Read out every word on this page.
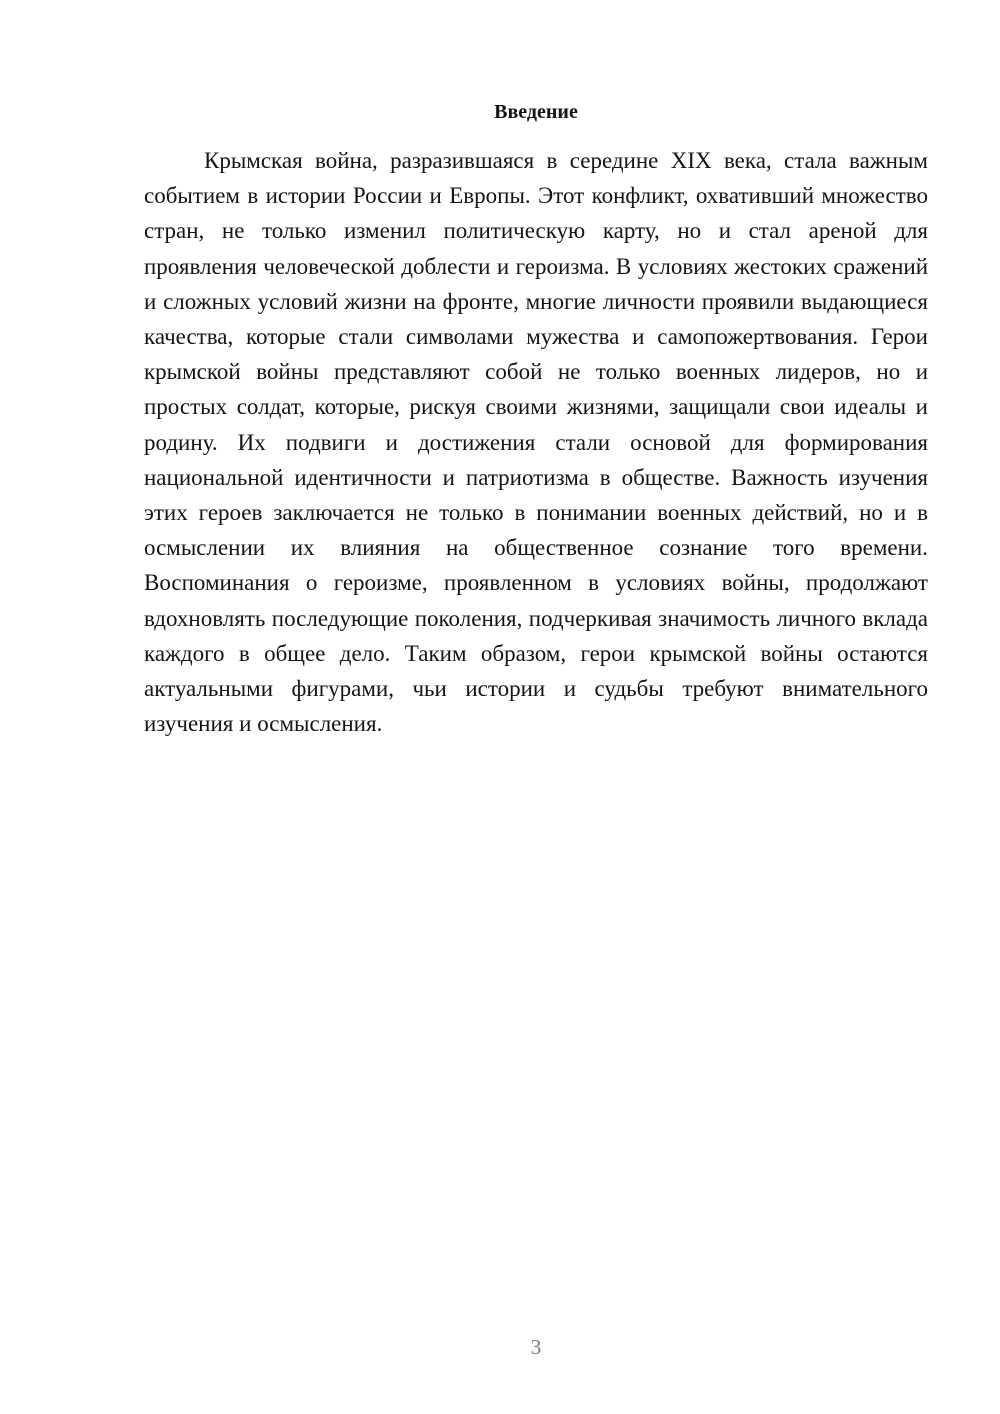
Введение

Крымская война, разразившаяся в середине XIX века, стала важным событием в истории России и Европы. Этот конфликт, охвативший множество стран, не только изменил политическую карту, но и стал ареной для проявления человеческой доблести и героизма. В условиях жестоких сражений и сложных условий жизни на фронте, многие личности проявили выдающиеся качества, которые стали символами мужества и самопожертвования. Герои крымской войны представляют собой не только военных лидеров, но и простых солдат, которые, рискуя своими жизнями, защищали свои идеалы и родину. Их подвиги и достижения стали основой для формирования национальной идентичности и патриотизма в обществе. Важность изучения этих героев заключается не только в понимании военных действий, но и в осмыслении их влияния на общественное сознание того времени. Воспоминания о героизме, проявленном в условиях войны, продолжают вдохновлять последующие поколения, подчеркивая значимость личного вклада каждого в общее дело. Таким образом, герои крымской войны остаются актуальными фигурами, чьи истории и судьбы требуют внимательного изучения и осмысления.

3
